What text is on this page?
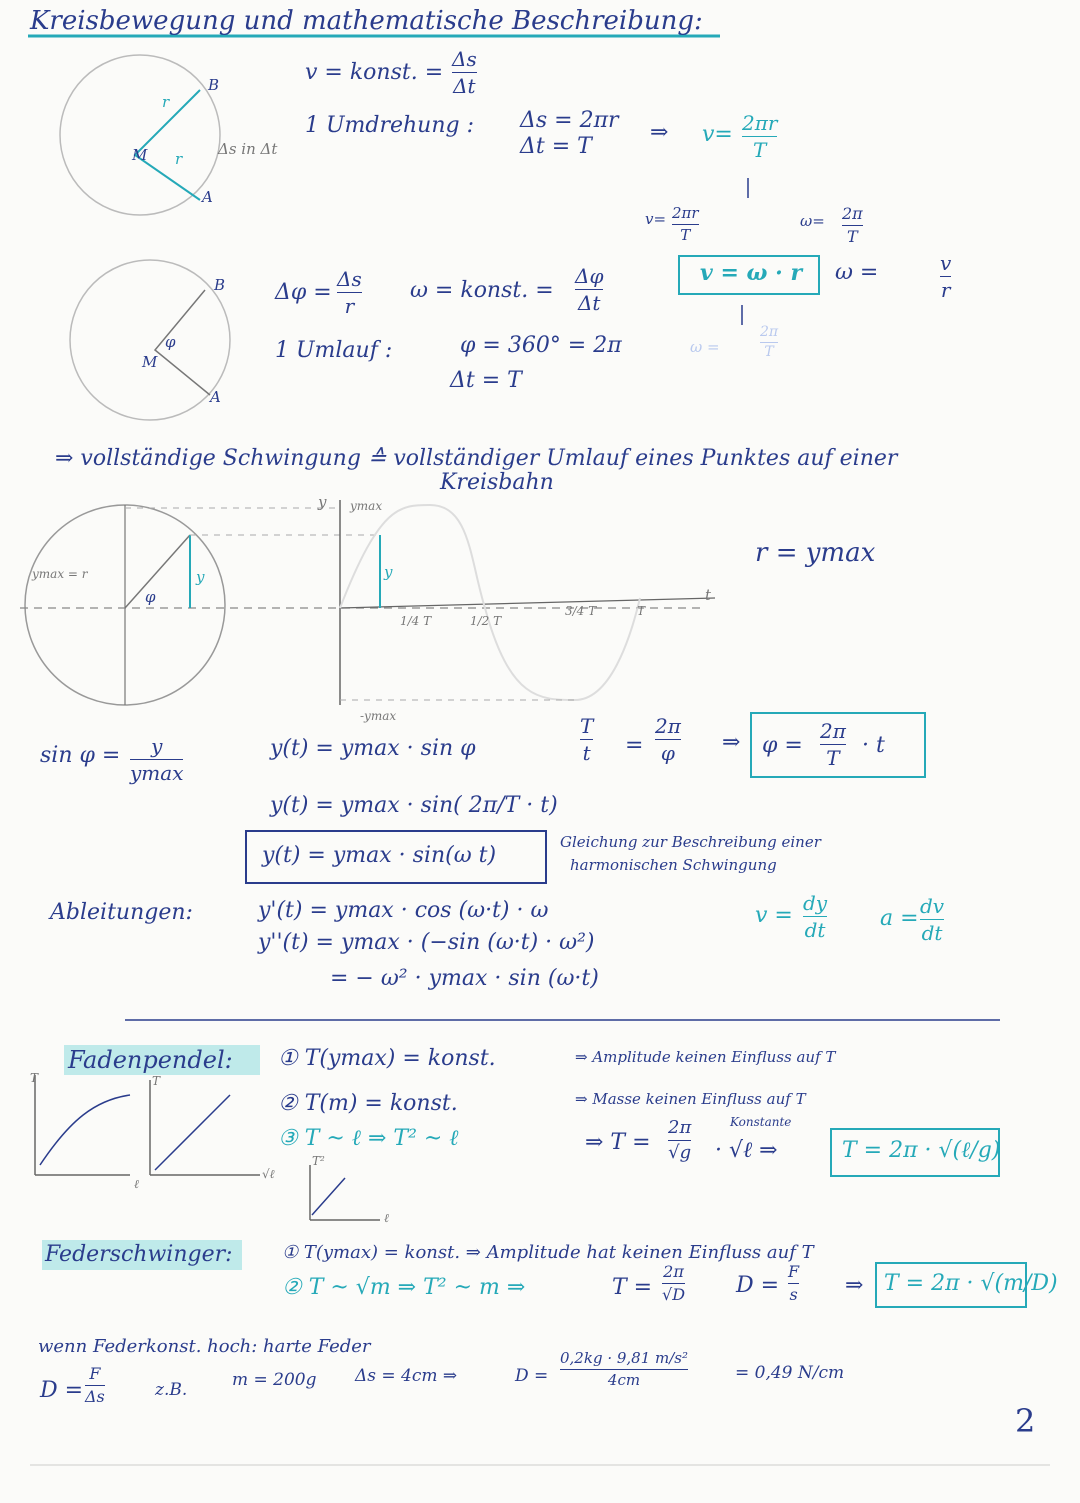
Kreisbewegung und mathematische Beschreibung:
B
r
M r
Δs in Δt
A
v = konst. =
Δs
Δt
1 Umdrehung : Δs = 2πr
Δt = T
⇒ v= 2πr
T
v= 2πr
T
ω= 2π
T
v = ω · r ω =	v
r
ω =
2π
T
B
M
φ
A
Δφ =
Δs
r
ω = konst. =
Δφ
Δt
1 Umlauf :	φ = 360° = 2π
Δt = T
⇒ vollständige Schwingung ≙ vollständiger Umlauf eines Punktes auf einer
Kreisbahn
ymax = r
φ
y
y ymax
y
-ymax
t
1/4 T	1/2 T
3/4 T	T
r = ymax
sin φ = y
ymax
y(t) = ymax · sin φ
y(t) = ymax · sin( 2π/T · t)
y(t) = ymax · sin(ω t)
Gleichung zur Beschreibung einer
harmonischen Schwingung
T
t =
2π
φ ⇒ φ =
2π
T · t
Ableitungen:	y'(t) = ymax · cos (ω·t) · ω
y''(t) = ymax · (−sin (ω·t) · ω²)
= − ω² · ymax · sin (ω·t)
v = dy
dt a = dv
dt
Fadenpendel: ① T(ymax) = konst.
② T(m) = konst.
③ T ~ ℓ ⇒ T² ~ ℓ
⇒ Amplitude keinen Einfluss auf T
⇒ Masse keinen Einfluss auf T
⇒ T =
2π
√g
Konstante
· √ℓ ⇒	T = 2π · √(ℓ/g)
T	T
ℓ
√ℓ
T²
ℓ
Federschwinger:	① T(ymax) = konst. ⇒ Amplitude hat keinen Einfluss auf T
② T ~ √m ⇒ T² ~ m ⇒	T =
2π
√D D =
F
s ⇒ T = 2π · √(m/D)
wenn Federkonst. hoch: harte Feder
D =
F
Δs	z.B.	m = 200g Δs = 4cm ⇒	D =
0,2kg · 9,81 m/s²
4cm	= 0,49 N/cm
2
